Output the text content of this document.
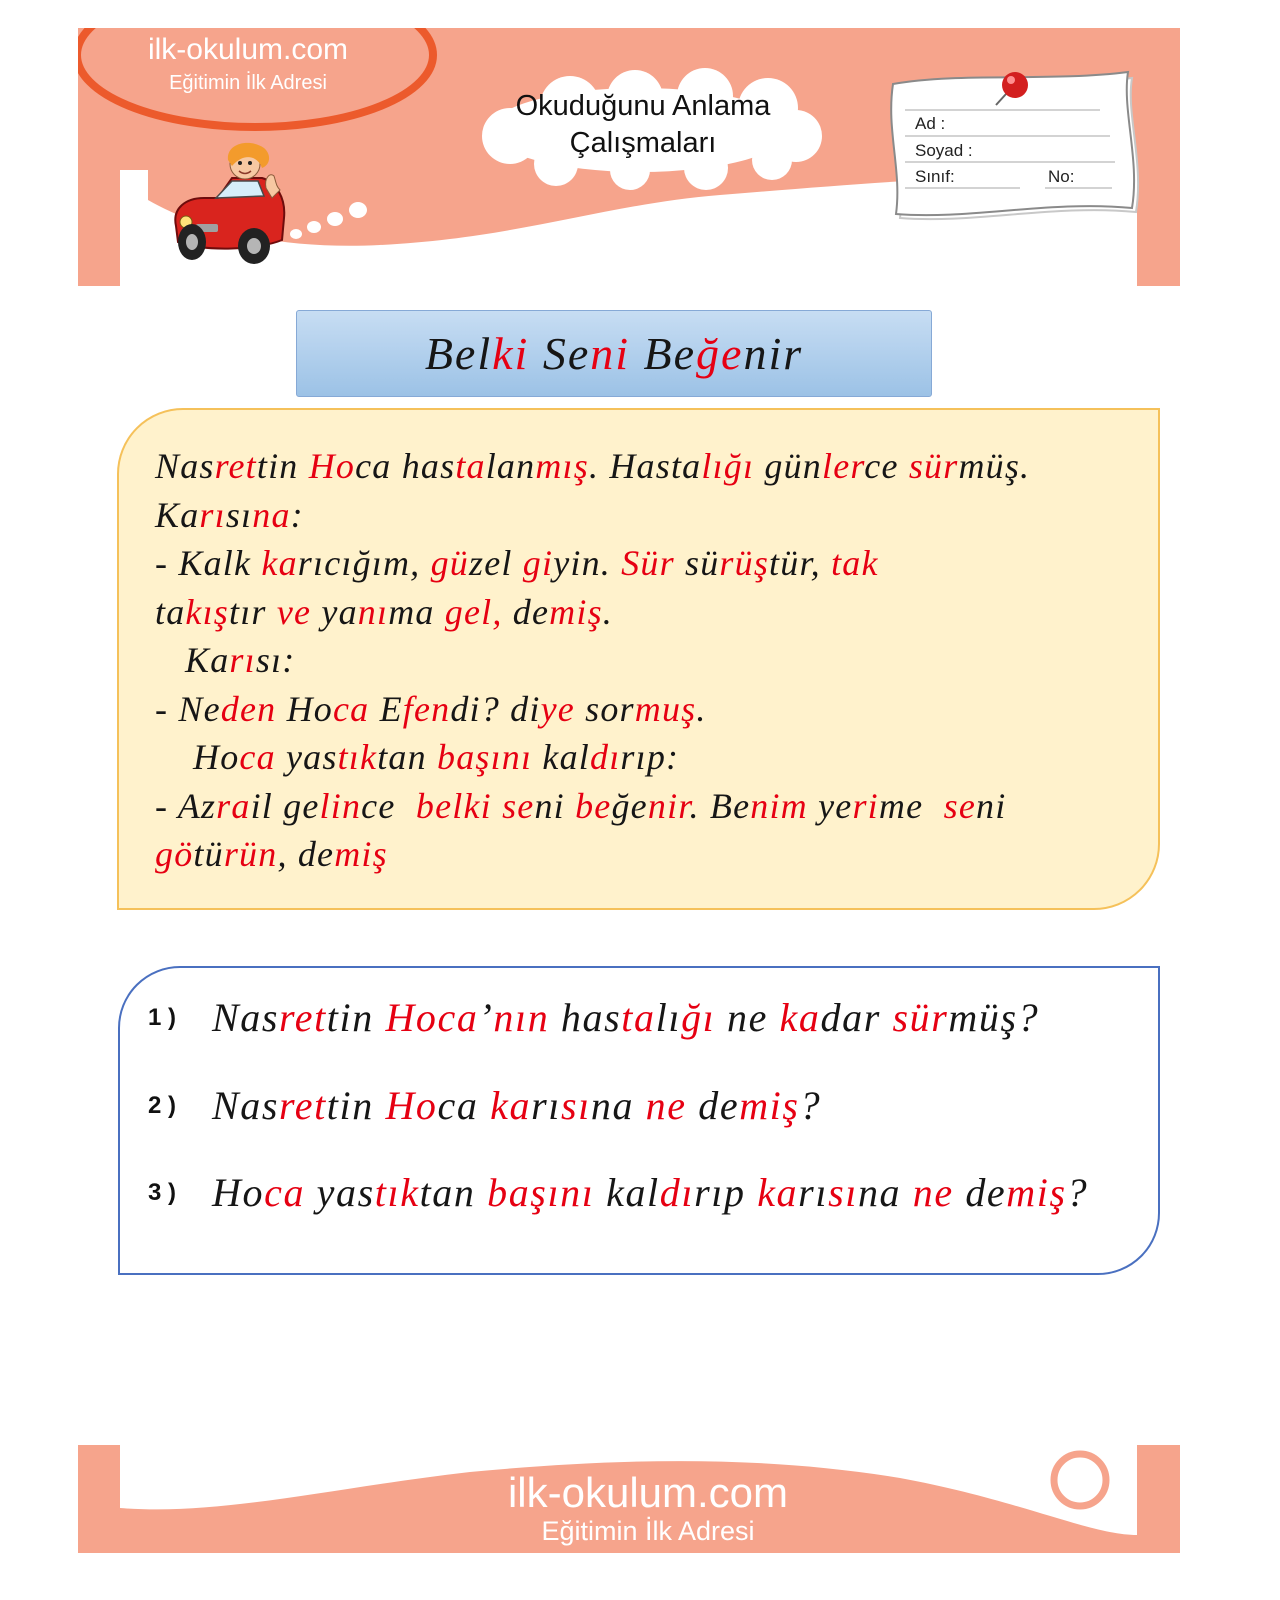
ilk-okulum.com
Eğitimin İlk Adresi
Okuduğunu Anlama
Çalışmaları
Ad :
Soyad :
Sınıf:	No:
Belki Seni Beğenir
Nasrettin Hoca hastalanmış. Hastalığı günlerce sürmüş.
Karısına:
- Kalk karıcığım, güzel giyin. Sür sürüştür, tak
takıştır ve yanıma gel, demiş.
Karısı:
- Neden Hoca Efendi? diye sormuş.
Hoca yastıktan başını kaldırıp:
- Azrail gelince  belki seni beğenir. Benim yerime  seni
götürün, demiş
1 ) Nasrettin Hoca’nın hastalığı ne kadar sürmüş?
2 ) Nasrettin Hoca karısına ne demiş?
3 ) Hoca yastıktan başını kaldırıp karısına ne demiş?
ilk-okulum.com
Eğitimin İlk Adresi
